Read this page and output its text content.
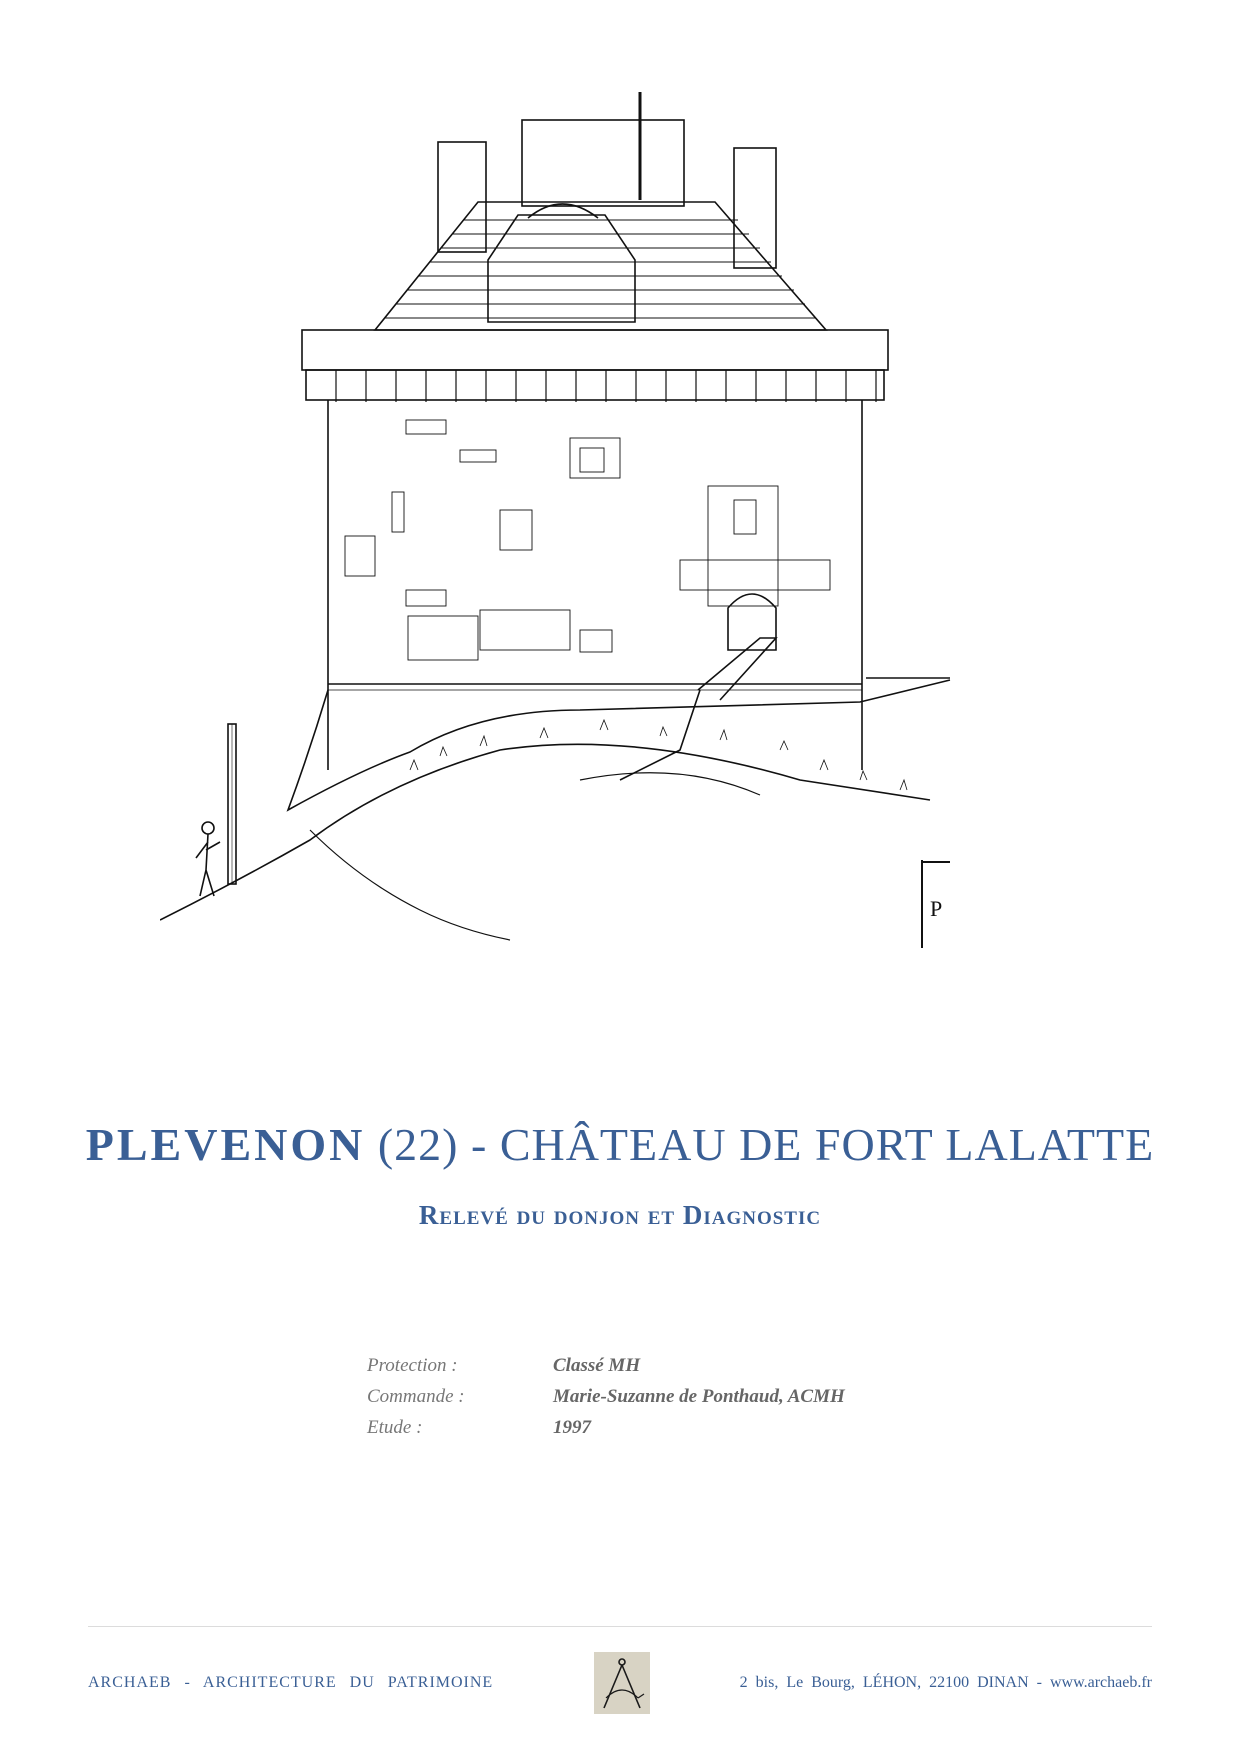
P
PLEVENON (22) - CHÂTEAU DE FORT LALATTE
Relevé du donjon et Diagnostic
Protection :	Classé MH
Commande :	Marie-Suzanne de Ponthaud, ACMH
Etude :	1997
ARCHAEB - ARCHITECTURE DU PATRIMOINE	2 bis, Le Bourg, LÉHON, 22100 DINAN - www.archaeb.fr
